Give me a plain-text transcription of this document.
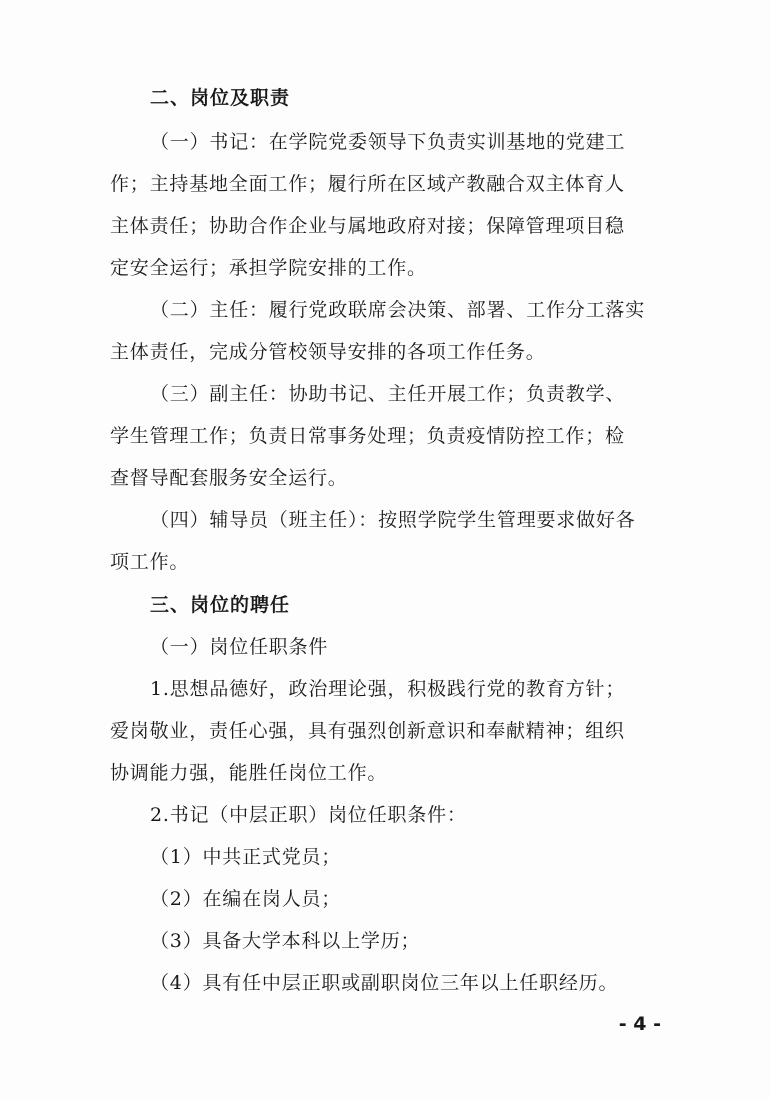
二、岗位及职责
（一）书记：在学院党委领导下负责实训基地的党建工
作；主持基地全面工作；履行所在区域产教融合双主体育人
主体责任；协助合作企业与属地政府对接；保障管理项目稳
定安全运行；承担学院安排的工作。
（二）主任：履行党政联席会决策、部署、工作分工落实
主体责任，完成分管校领导安排的各项工作任务。
（三）副主任：协助书记、主任开展工作；负责教学、
学生管理工作；负责日常事务处理；负责疫情防控工作；检
查督导配套服务安全运行。
（四）辅导员（班主任）：按照学院学生管理要求做好各
项工作。
三、岗位的聘任
（一）岗位任职条件
1.思想品德好，政治理论强，积极践行党的教育方针；
爱岗敬业，责任心强，具有强烈创新意识和奉献精神；组织
协调能力强，能胜任岗位工作。
2.书记（中层正职）岗位任职条件：
（1）中共正式党员；
（2）在编在岗人员；
（3）具备大学本科以上学历；
（4）具有任中层正职或副职岗位三年以上任职经历。
- 4 -
